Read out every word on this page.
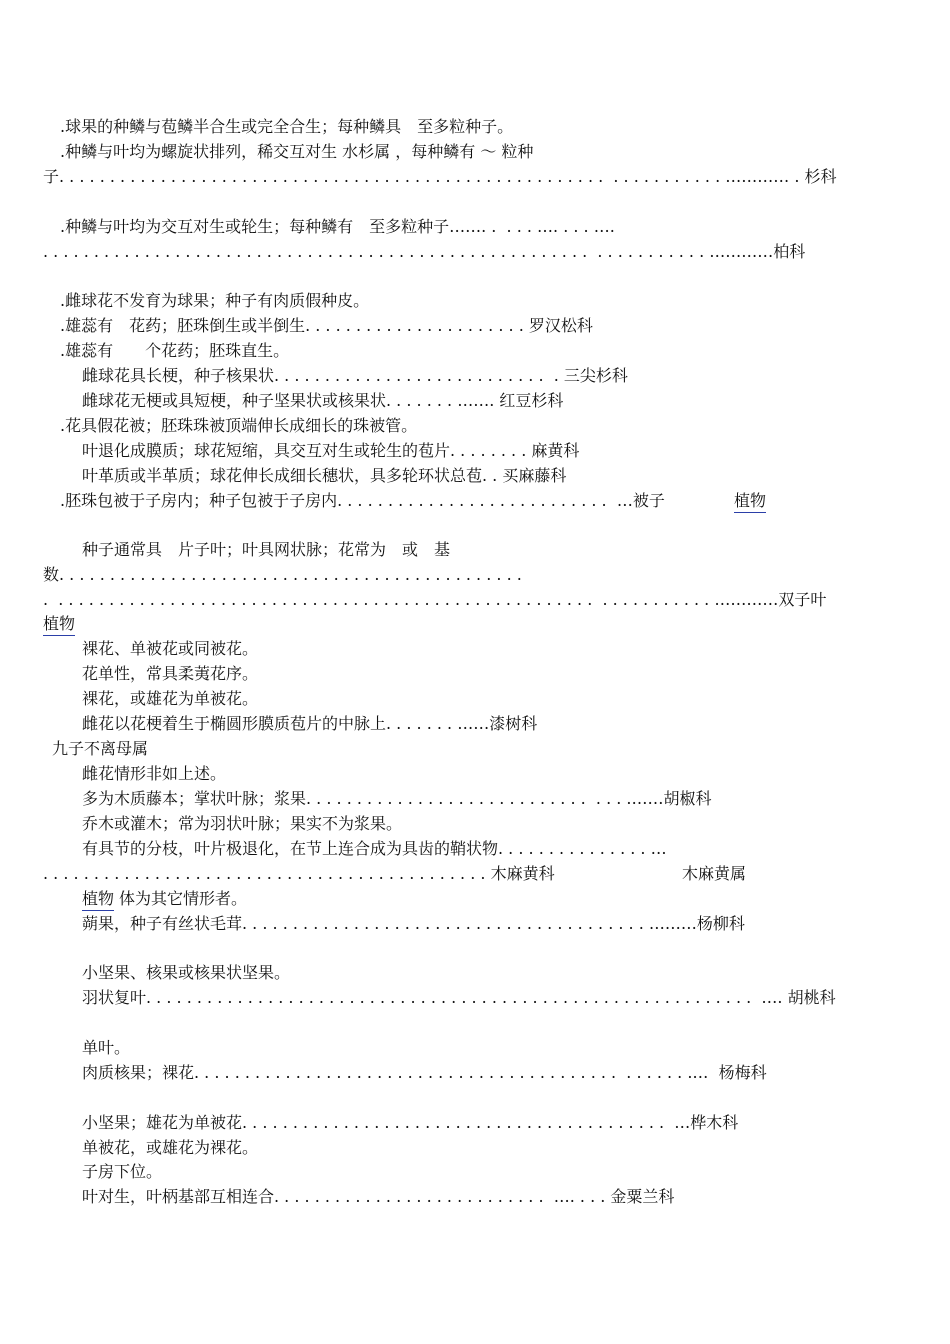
.球果的种鳞与苞鳞半合生或完全合生；每种鳞具　至多粒种子。
.种鳞与叶均为螺旋状排列，稀交互对生 水杉属 ，每种鳞有 ～ 粒种
子. . . . . . . . . . . . . . . . . . . . . . . . . . . . . . . . . . . . . . . . . . . . . . . . . . . . . .  . . . . . . . . . . . ………… . 杉科
.种鳞与叶均为交互对生或轮生；每种鳞有　至多粒种子……. .  . . . …. . . . ….
. . . . . . . . . . . . . . . . . . . . . . . . . . . . . . . . . . . . . . . . . . . . . . . . . . . . . .  . . . . . . . . . . . …………柏科
.雌球花不发育为球果；种子有肉质假种皮。
.雄蕊有　花药；胚珠倒生或半倒生. . . . . . . . . . . . . . . . . . . . . . 罗汉松科
.雄蕊有　　个花药；胚珠直生。
雌球花具长梗，种子核果状. . . . . . . . . . . . . . . . . . . . . . . . . . .  . 三尖杉科
雌球花无梗或具短梗，种子坚果状或核果状. . . . . . . ……. 红豆杉科
.花具假花被；胚珠珠被顶端伸长成细长的珠被管。
叶退化成膜质；球花短缩，具交互对生或轮生的苞片. . . . . . . . 麻黄科
叶革质或半革质；球花伸长成细长穗状，具多轮环状总苞. . 买麻藤科
.胚珠包被于子房内；种子包被于子房内. . . . . . . . . . . . . . . . . . . . . . . . . . .  …被子	植物
种子通常具　片子叶；叶具网状脉；花常为　或　基
数. . . . . . . . . . . . . . . . . . . . . . . . . . . . . . . . . . . . . . . . . . . . . .
.  . . . . . . . . . . . . . . . . . . . . . . . . . . . . . . . . . . . . . . . . . . . . . . . . . . . . .  . . . . . . . . . . . …………双子叶
植物
裸花、单被花或同被花。
花单性，常具柔荑花序。
裸花，或雄花为单被花。
雌花以花梗着生于椭圆形膜质苞片的中脉上. . . . . . . ……漆树科
九子不离母属
雌花情形非如上述。
多为木质藤本；掌状叶脉；浆果. . . . . . . . . . . . . . . . . . . . . . . . . . . .  . . . .……胡椒科
乔木或灌木；常为羽状叶脉；果实不为浆果。
有具节的分枝，叶片极退化，在节上连合成为具齿的鞘状物. . . . . . . . . . . . . . . …
. . . . . . . . . . . . . . . . . . . . . . . . . . . . . . . . . . . . . . . . . . . . 木麻黄科	木麻黄属
植物 体为其它情形者。
蒴果，种子有丝状毛茸. . . . . . . . . . . . . . . . . . . . . . . . . . . . . . . . . . . . . . . . ………杨柳科
小坚果、核果或核果状坚果。
羽状复叶. . . . . . . . . . . . . . . . . . . . . . . . . . . . . . . . . . . . . . . . . . . . . . . . . . . . . . . . . . . .  …. 胡桃科
单叶。
肉质核果；裸花. . . . . . . . . . . . . . . . . . . . . . . . . . . . . . . . . . . . . . . . . .  . . . . . . .…  杨梅科
小坚果；雄花为单被花. . . . . . . . . . . . . . . . . . . . . . . . . . . . . . . . . . . . . . . . . .  …桦木科
单被花，或雄花为裸花。
子房下位。
叶对生，叶柄基部互相连合. . . . . . . . . . . . . . . . . . . . . . . . . . .  …. . . . 金粟兰科
